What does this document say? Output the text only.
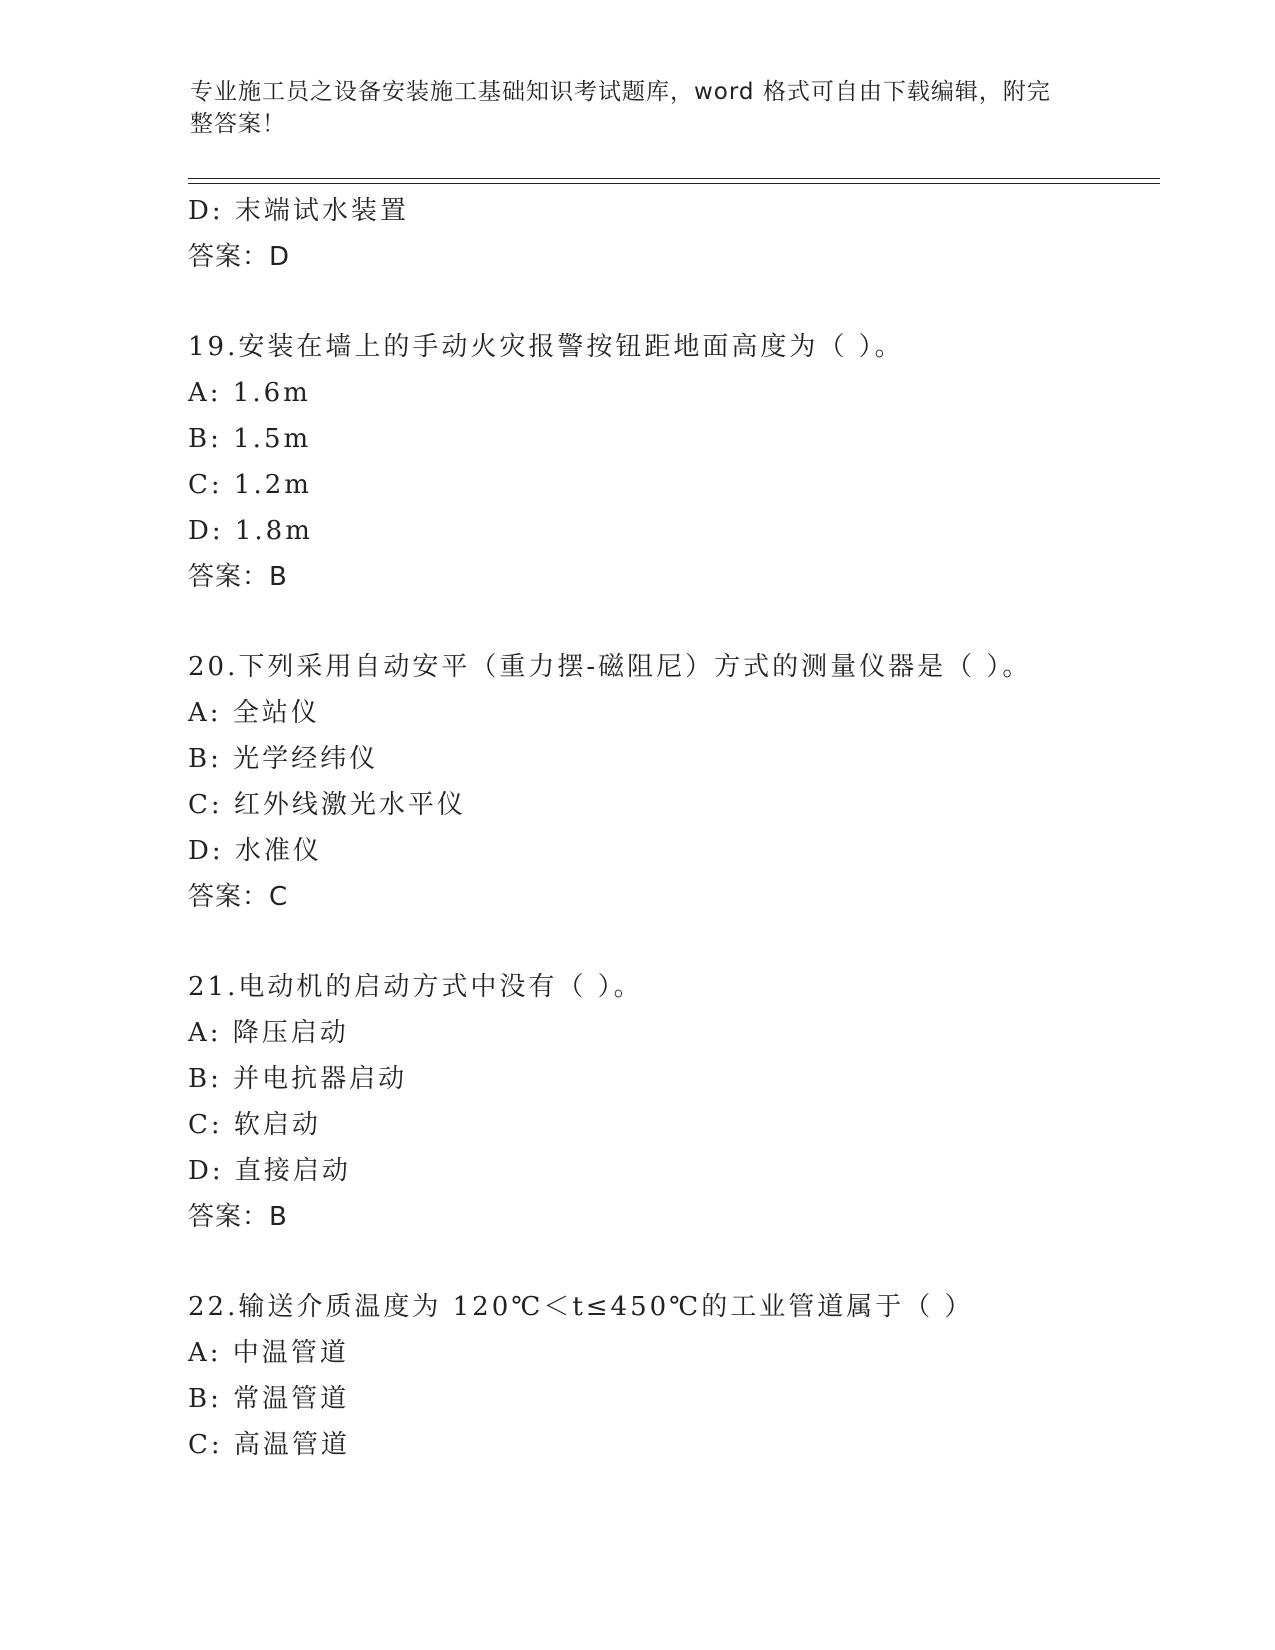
专业施工员之设备安装施工基础知识考试题库，word 格式可自由下载编辑，附完
整答案！
D: 末端试水装置
答案：D
19.安装在墙上的手动火灾报警按钮距地面高度为（ ）。
A: 1.6m
B: 1.5m
C: 1.2m
D: 1.8m
答案：B
20.下列采用自动安平（重力摆-磁阻尼）方式的测量仪器是（ ）。
A: 全站仪
B: 光学经纬仪
C: 红外线激光水平仪
D: 水准仪
答案：C
21.电动机的启动方式中没有（ ）。
A: 降压启动
B: 并电抗器启动
C: 软启动
D: 直接启动
答案：B
22.输送介质温度为 120℃＜t≤450℃的工业管道属于（ ）
A: 中温管道
B: 常温管道
C: 高温管道
